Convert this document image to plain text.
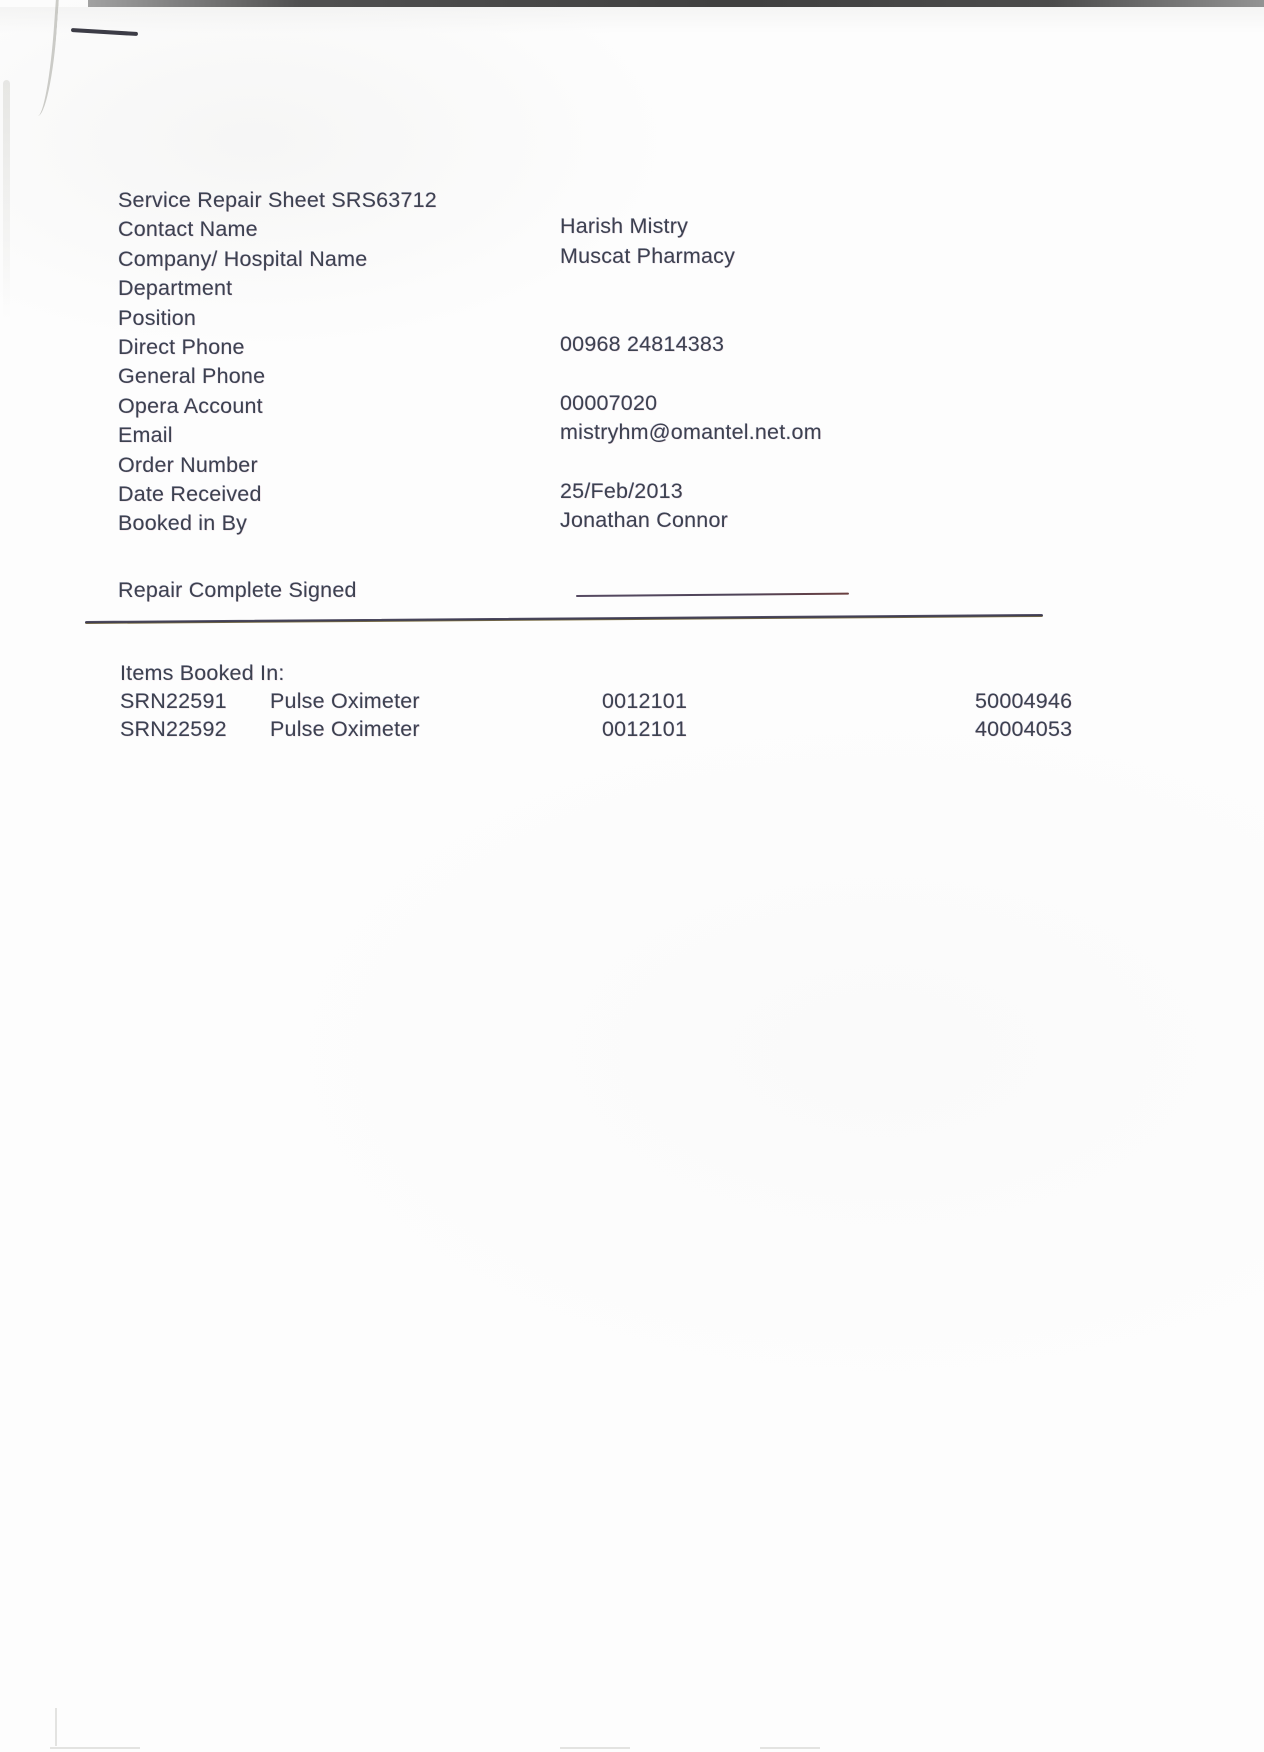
Service Repair Sheet SRS63712
Contact Name	Harish Mistry
Company/ Hospital Name	Muscat Pharmacy
Department
Position
Direct Phone	00968 24814383
General Phone
Opera Account	00007020
Email	mistryhm@omantel.net.om
Order Number
Date Received	25/Feb/2013
Booked in By	Jonathan Connor
Repair Complete Signed
Items Booked In:
SRN22591	Pulse Oximeter	0012101	50004946
SRN22592	Pulse Oximeter	0012101	40004053
